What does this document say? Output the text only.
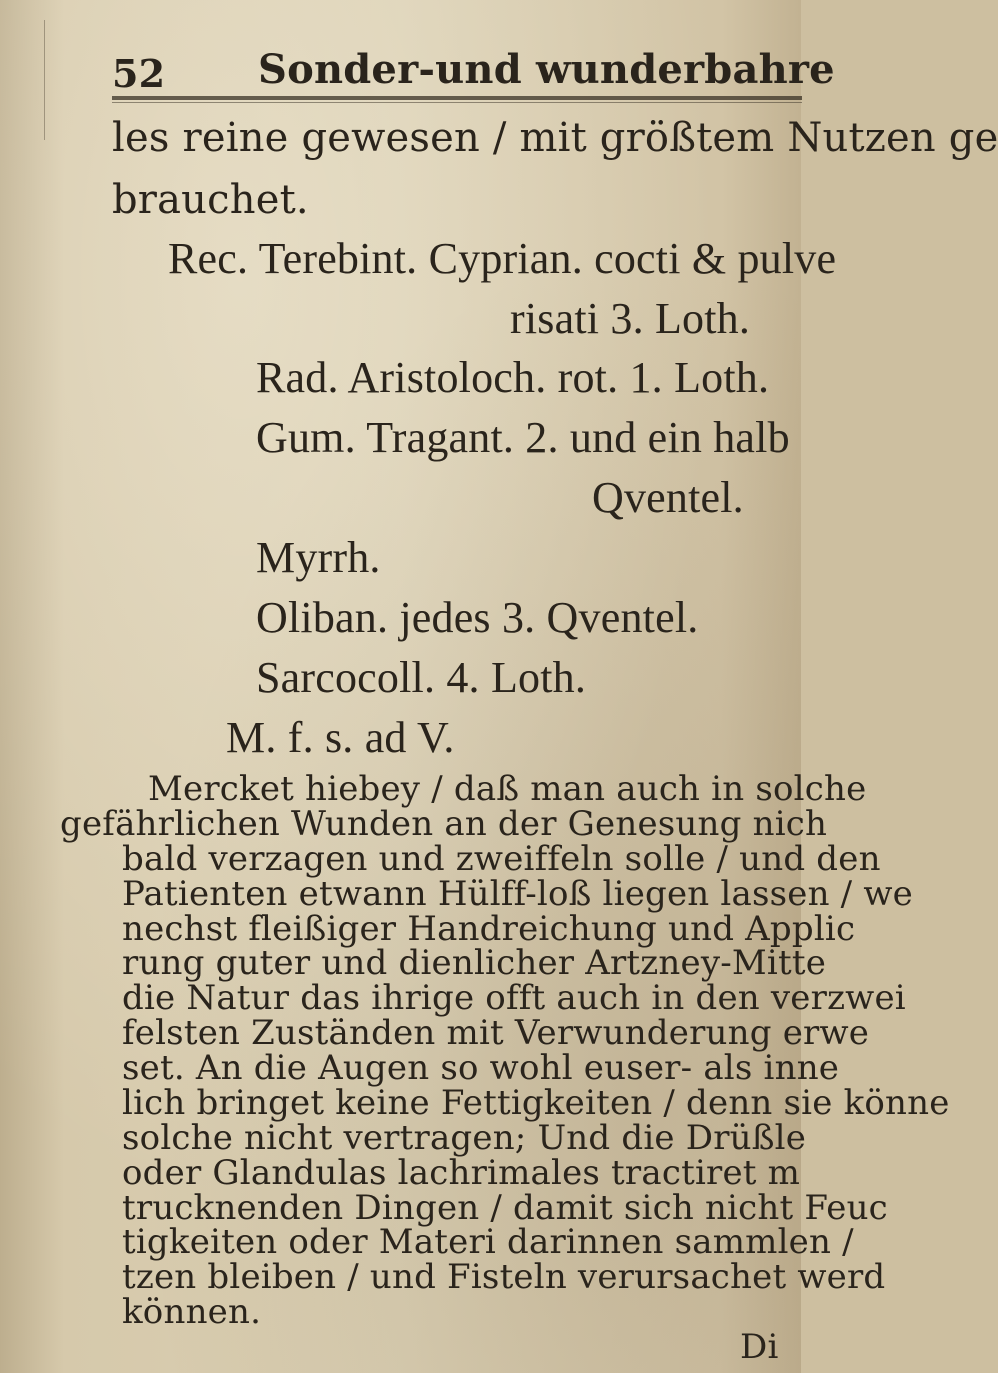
52 Sonder-und wunderbahre
les reine gewesen / mit größtem Nutzen ge
brauchet.
Rec. Terebint. Cyprian. cocti & pulve
risati 3. Loth.
Rad. Aristoloch. rot. 1. Loth.
Gum. Tragant. 2. und ein halb
Qventel.
Myrrh.
Oliban. jedes 3. Qventel.
Sarcocoll. 4. Loth.
M. f. s. ad V.
Mercket hiebey / daß man auch in solche
gefährlichen Wunden an der Genesung nich
bald verzagen und zweiffeln solle / und den
Patienten etwann Hülff-loß liegen lassen / we
nechst fleißiger Handreichung und Applic
rung guter und dienlicher Artzney-Mitte
die Natur das ihrige offt auch in den verzwei
felsten Zuständen mit Verwunderung erwe
set. An die Augen so wohl euser- als inne
lich bringet keine Fettigkeiten / denn sie könne
solche nicht vertragen; Und die Drüßle
oder Glandulas lachrimales tractiret m
trucknenden Dingen / damit sich nicht Feuc
tigkeiten oder Materi darinnen sammlen /
tzen bleiben / und Fisteln verursachet werd
können.
Di
